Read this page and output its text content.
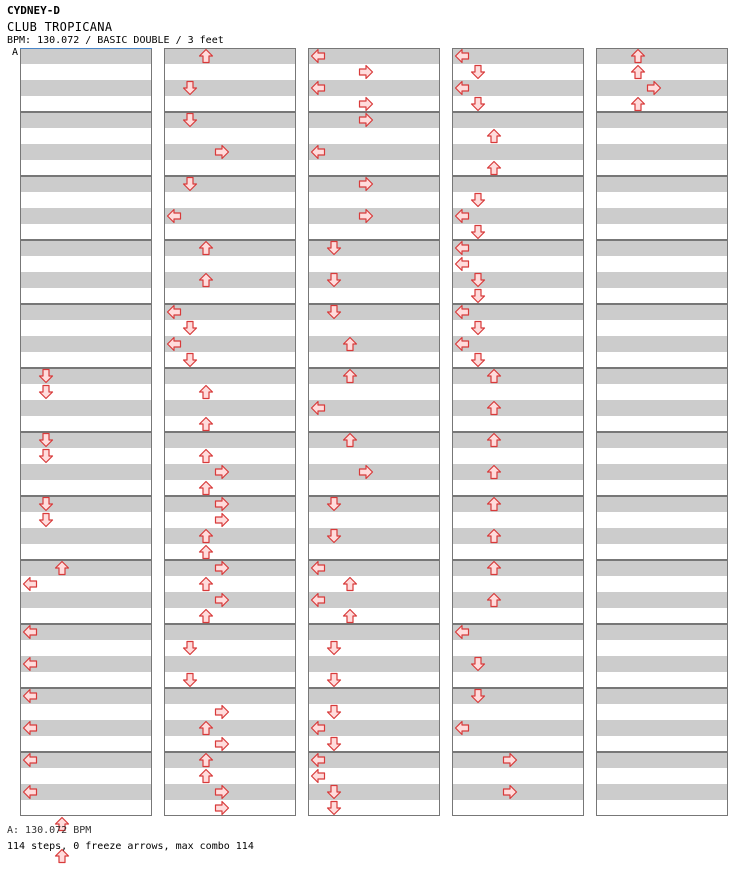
CYDNEY-D
CLUB TROPICANA
BPM: 130.072 / BASIC DOUBLE / 3 feet
A
A: 130.072 BPM
114 steps, 0 freeze arrows, max combo 114
